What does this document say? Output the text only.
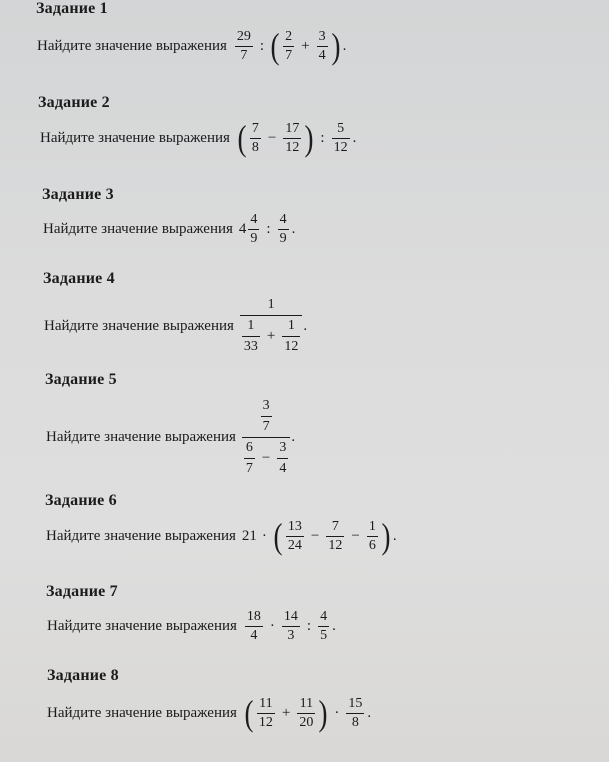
Задание 1
Найдите значение выражения $\frac{29}{7}$ : ( $\frac{2}{7} + \frac{3}{4}$ ) .
Задание 2
Найдите значение выражения ( $\frac{7}{8} - \frac{17}{12}$ ) : $\frac{5}{12}$ .
Задание 3
Найдите значение выражения $4 \frac{4}{9}$ : $\frac{4}{9}$ .
Задание 4
Найдите значение выражения
1
$\frac{1}{33} + \frac{1}{12}$ .
Задание 5
Найдите значение выражения
$\frac{3}{7}$
$\frac{6}{7} - \frac{3}{4}$
.
Задание 6
Найдите значение выражения 21 · ( $\frac{13}{24} - \frac{7}{12} - \frac{1}{6}$ ) .
Задание 7
Найдите значение выражения $\frac{18}{4} \cdot \frac{14}{3}$ : $\frac{4}{5}$ .
Задание 8
Найдите значение выражения ( $\frac{11}{12} + \frac{11}{20}$ ) · $\frac{15}{8}$ .
